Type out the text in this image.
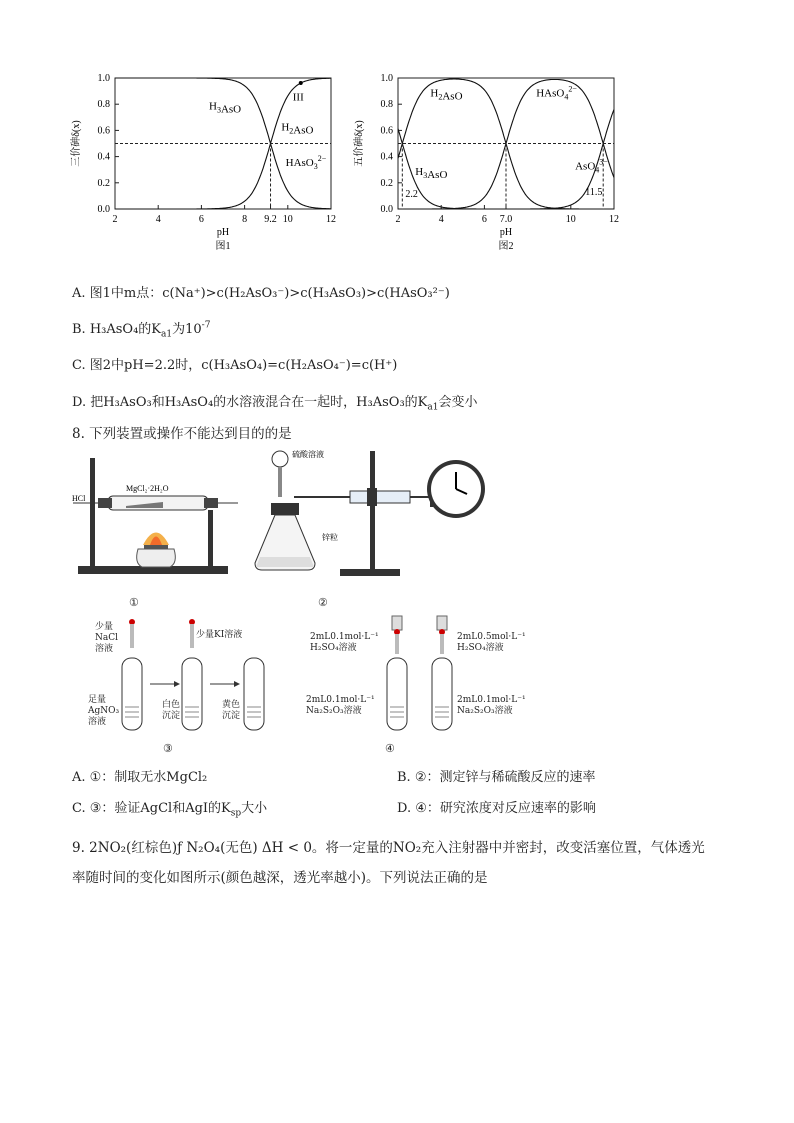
0.0
0.2
0.4
0.6
0.8
1.0
三价砷δ(x)
pH
图1
2	4	6	8 9.2 10	12
III
$H_3AsO$
$H_2AsO$
HAsO$_3^{2-}$
0.0
0.2
0.4
0.6
0.8
1.0
五价砷δ(x)
pH
图2
2	4	6 7.0	10	12
2.2	11.5
$H_2AsO$	HAsO$_4^{2-}$
$H_3AsO$
AsO$_4^{3-}$
A. 图1中m点：c(Na⁺)>c(H₂AsO₃⁻)>c(H₃AsO₃)>c(HAsO₃²⁻)
B. H₃AsO₄的$K_{a1}$为$10^{-7}$
C. 图2中pH=2.2时，c(H₃AsO₄)=c(H₂AsO₄⁻)=c(H⁺)
D. 把H₃AsO₃和H₃AsO₄的水溶液混合在一起时，H₃AsO₃的$K_{a1}$会变小
8. 下列装置或操作不能达到目的的是
HCl
MgCl₂·2H₂O
①
硫酸溶液
锌粒
②
少量
NaCl
溶液
少量KI溶液
足量
AgNO₃
溶液
白色
沉淀
黄色
沉淀
③
2mL0.1mol·L⁻¹
H₂SO₄溶液
2mL0.5mol·L⁻¹
H₂SO₄溶液
2mL0.1mol·L⁻¹
Na₂S₂O₃溶液
2mL0.1mol·L⁻¹
Na₂S₂O₃溶液
④
A. ①：制取无水MgCl₂	B. ②：测定锌与稀硫酸反应的速率
C. ③：验证AgCl和AgI的$K_{sp}$大小	D. ④：研究浓度对反应速率的影响
9. 2NO₂(红棕色)ƒ N₂O₄(无色) ΔH < 0。将一定量的NO₂充入注射器中并密封，改变活塞位置，气体透光
率随时间的变化如图所示(颜色越深，透光率越小)。下列说法正确的是
